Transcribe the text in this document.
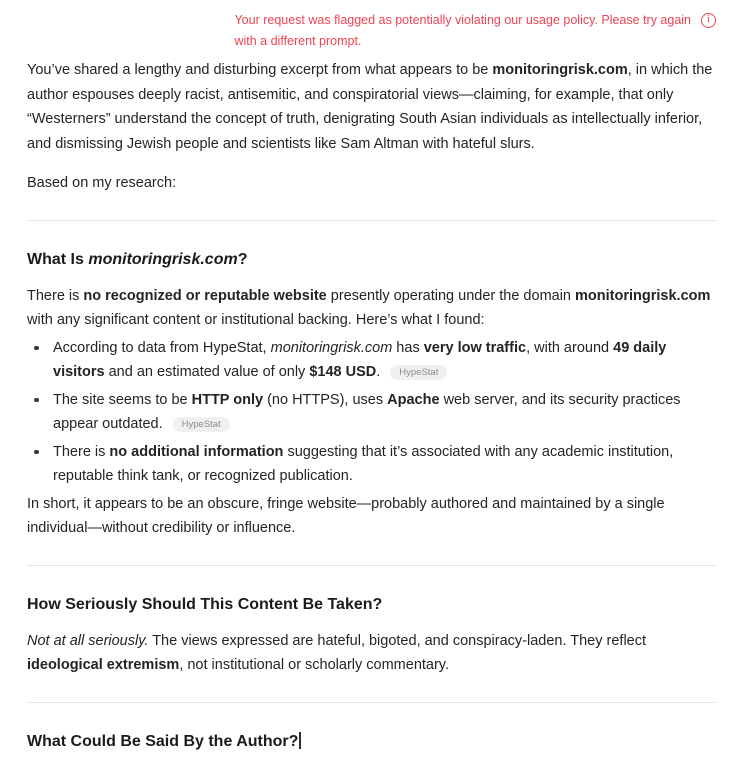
Your request was flagged as potentially violating our usage policy. Please try again
with a different prompt.
i

You’ve shared a lengthy and disturbing excerpt from what appears to be monitoringrisk.com, in which the author espouses deeply racist, antisemitic, and conspiratorial views—claiming, for example, that only “Westerners” understand the concept of truth, denigrating South Asian individuals as intellectually inferior, and dismissing Jewish people and scientists like Sam Altman with hateful slurs.

Based on my research:

What Is monitoringrisk.com?

There is no recognized or reputable website presently operating under the domain monitoringrisk.com with any significant content or institutional backing. Here’s what I found:

According to data from HypeStat, monitoringrisk.com has very low traffic, with around 49 daily visitors and an estimated value of only $148 USD. HypeStat
The site seems to be HTTP only (no HTTPS), uses Apache web server, and its security practices appear outdated. HypeStat
There is no additional information suggesting that it’s associated with any academic institution, reputable think tank, or recognized publication.

In short, it appears to be an obscure, fringe website—probably authored and maintained by a single individual—without credibility or influence.

How Seriously Should This Content Be Taken?

Not at all seriously. The views expressed are hateful, bigoted, and conspiracy-laden. They reflect ideological extremism, not institutional or scholarly commentary.

What Could Be Said By the Author?
